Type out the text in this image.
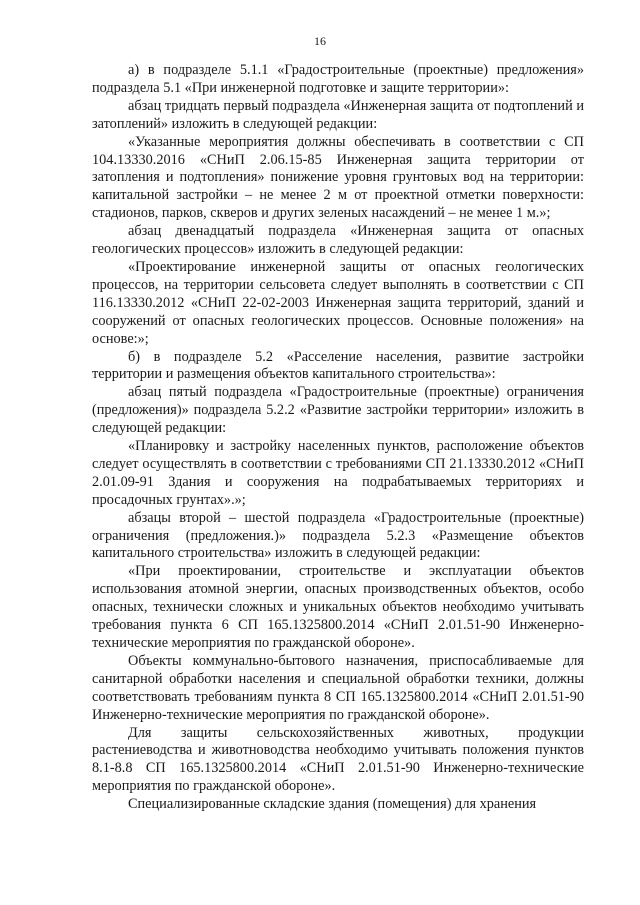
16

а) в подразделе 5.1.1 «Градостроительные (проектные) предложения» подраздела 5.1 «При инженерной подготовке и защите территории»:

абзац тридцать первый подраздела «Инженерная защита от подтоплений и затоплений» изложить в следующей редакции:

«Указанные мероприятия должны обеспечивать в соответствии с СП 104.13330.2016 «СНиП 2.06.15-85 Инженерная защита территории от затопления и подтопления» понижение уровня грунтовых вод на территории: капитальной застройки – не менее 2 м от проектной отметки поверхности: стадионов, парков, скверов и других зеленых насаждений – не менее 1 м.»;

абзац двенадцатый подраздела «Инженерная защита от опасных геологических процессов» изложить в следующей редакции:

«Проектирование инженерной защиты от опасных геологических процессов, на территории сельсовета следует выполнять в соответствии с СП 116.13330.2012 «СНиП 22-02-2003 Инженерная защита территорий, зданий и сооружений от опасных геологических процессов. Основные положения» на основе:»;

б) в подразделе 5.2 «Расселение населения, развитие застройки территории и размещения объектов капитального строительства»:

абзац пятый подраздела «Градостроительные (проектные) ограничения (предложения)» подраздела 5.2.2 «Развитие застройки территории» изложить в следующей редакции:

«Планировку и застройку населенных пунктов, расположение объектов следует осуществлять в соответствии с требованиями СП 21.13330.2012 «СНиП 2.01.09-91 Здания и сооружения на подрабатываемых территориях и просадочных грунтах».»;

абзацы второй – шестой подраздела «Градостроительные (проектные) ограничения (предложения.)» подраздела 5.2.3 «Размещение объектов капитального строительства» изложить в следующей редакции:

«При проектировании, строительстве и эксплуатации объектов использования атомной энергии, опасных производственных объектов, особо опасных, технически сложных и уникальных объектов необходимо учитывать требования пункта 6 СП 165.1325800.2014 «СНиП 2.01.51-90 Инженерно-технические мероприятия по гражданской обороне».

Объекты коммунально-бытового назначения, приспосабливаемые для санитарной обработки населения и специальной обработки техники, должны соответствовать требованиям пункта 8 СП 165.1325800.2014 «СНиП 2.01.51-90 Инженерно-технические мероприятия по гражданской обороне».

Для защиты сельскохозяйственных животных, продукции растениеводства и животноводства необходимо учитывать положения пунктов 8.1-8.8 СП 165.1325800.2014 «СНиП 2.01.51-90 Инженерно-технические мероприятия по гражданской обороне».

Специализированные складские здания (помещения) для хранения
